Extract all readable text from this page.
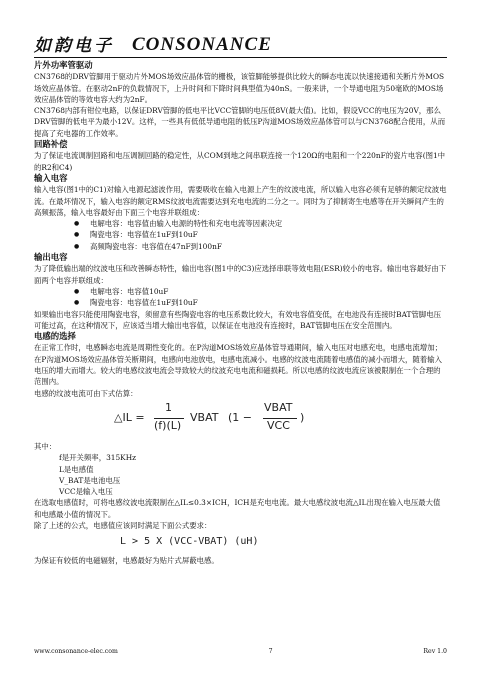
如韵电子 CONSONANCE

片外功率管驱动

CN3768的DRV管脚用于驱动片外MOS场效应晶体管的栅极，该管脚能够提供比较大的瞬态电流以快速接通和关断片外MOS场效应晶体管。在驱动2nF的负载情况下，上升时间和下降时间典型值为40nS。一般来讲，一个导通电阻为50毫欧的MOS场效应晶体管的等效电容大约为2nF。

CN3768内部有钳位电路，以保证DRV管脚的低电平比VCC管脚的电压低8V(最大值)。比如，假设VCC的电压为20V，那么DRV管脚的低电平为最小12V。这样，一些具有低低导通电阻的低压P沟道MOS场效应晶体管可以与CN3768配合使用，从而提高了充电器的工作效率。

回路补偿

为了保证电流调制回路和电压调制回路的稳定性，从COM到地之间串联连接一个120Ω的电阻和一个220nF的瓷片电容(图1中的R2和C4)

输入电容

输入电容(图1中的C1)对输入电源起滤波作用，需要吸收在输入电源上产生的纹波电流，所以输入电容必须有足够的额定纹波电流。在最坏情况下，输入电容的额定RMS纹波电流需要达到充电电流的二分之一。同时为了抑制寄生电感等在开关瞬间产生的高频振荡，输入电容最好由下面三个电容并联组成：

● 电解电容：电容值由输入电源的特性和充电电流等因素决定
● 陶瓷电容：电容值在1uF到10uF
● 高频陶瓷电容：电容值在47nF到100nF

输出电容

为了降低输出端的纹波电压和改善瞬态特性，输出电容(图1中的C3)应选择串联等效电阻(ESR)较小的电容。输出电容最好由下面两个电容并联组成：

● 电解电容：电容值10uF
● 陶瓷电容：电容值在1uF到10uF

如果输出电容只能使用陶瓷电容，须留意有些陶瓷电容的电压系数比较大，有效电容值变低，在电池没有连接时BAT管脚电压可能过高，在这种情况下，应该适当增大输出电容值，以保证在电池没有连接时，BAT管脚电压在安全范围内。

电感的选择

在正常工作时，电感瞬态电流是周期性变化的。在P沟道MOS场效应晶体管导通期间，输入电压对电感充电，电感电流增加；在P沟道MOS场效应晶体管关断期间，电感向电池放电，电感电流减小。电感的纹波电流随着电感值的减小而增大，随着输入电压的增大而增大。较大的电感纹波电流会导致较大的纹波充电电流和磁损耗。所以电感的纹波电流应该被限制在一个合理的范围内。

电感的纹波电流可由下式估算：

△IL =
1
(f)(L)
VBAT (1 −
VBAT
VCC
)

其中：

f是开关频率，315KHz

L是电感值

V_BAT是电池电压

VCC是输入电压

在选取电感值时，可将电感纹波电流限制在△IL≤0.3×ICH，ICH是充电电流。最大电感纹波电流△IL出现在输入电压最大值和电感最小值的情况下。

除了上述的公式，电感值应该同时满足下面公式要求：

L > 5 X (VCC-VBAT) (uH)

为保证有较低的电磁辐射，电感最好为贴片式屏蔽电感。

www.consonance-elec.com	7	Rev 1.0
